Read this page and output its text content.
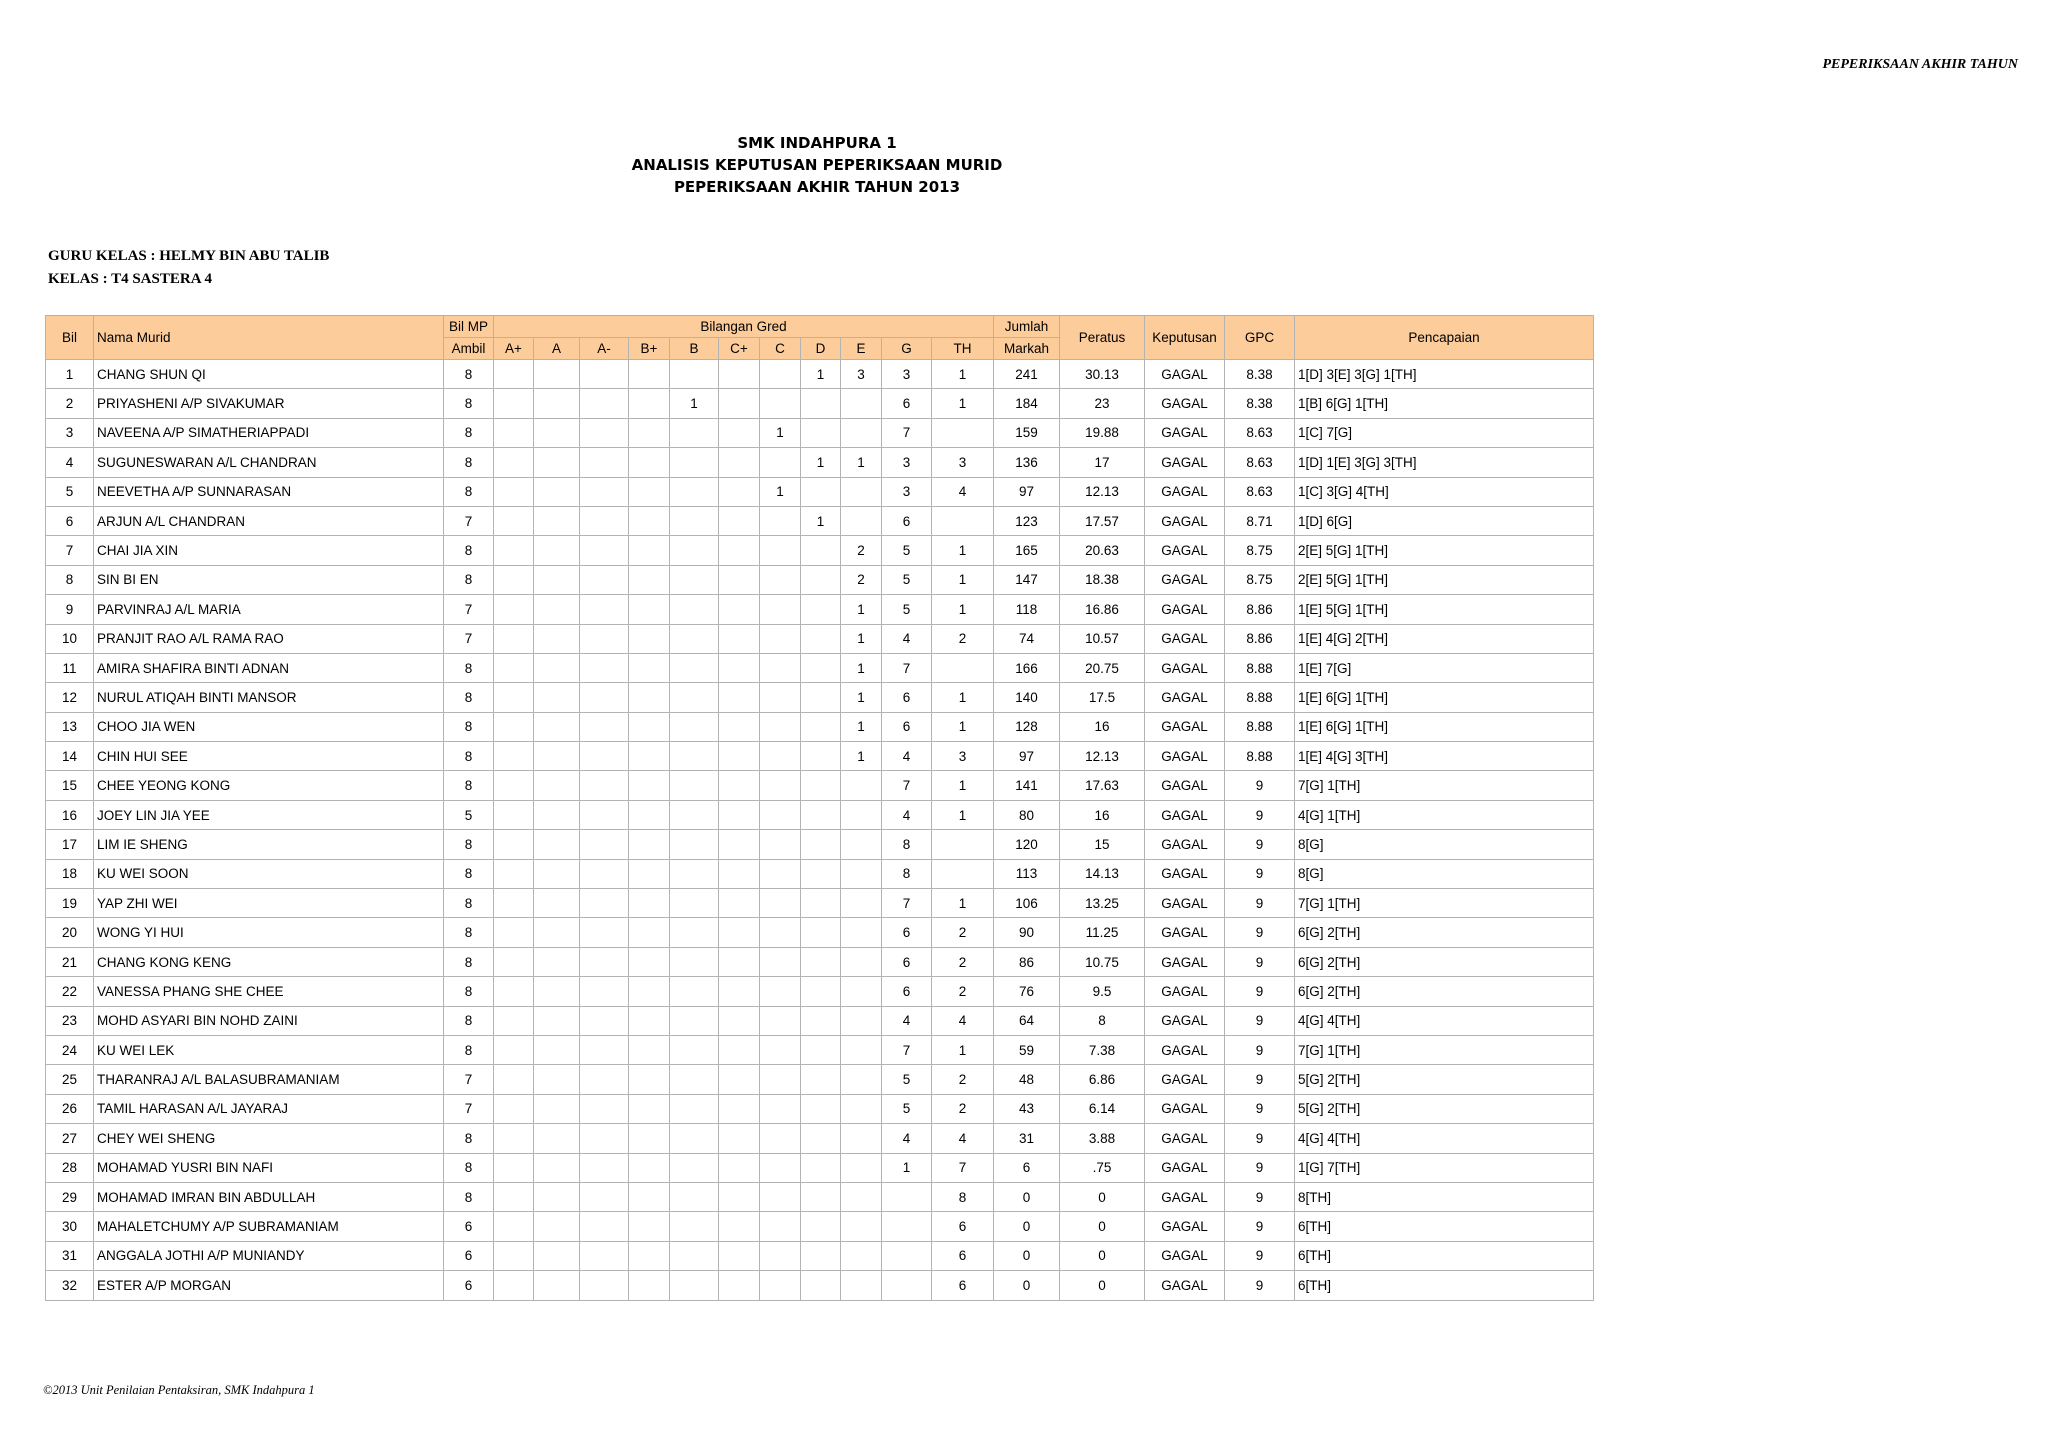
PEPERIKSAAN AKHIR TAHUN
SMK INDAHPURA 1
ANALISIS KEPUTUSAN PEPERIKSAAN MURID
PEPERIKSAAN AKHIR TAHUN 2013
GURU KELAS : HELMY BIN ABU TALIB
KELAS : T4 SASTERA 4
Bil	Nama Murid	Bil MP	Bilangan Gred											Jumlah	Peratus	Keputusan	GPC	Pencapaian
		Ambil	A+	A	A-	B+	B	C+	C	D	E	G	TH	Markah				
1	CHANG SHUN QI	8								1	3	3	1	241	30.13	GAGAL	8.38	1[D] 3[E] 3[G] 1[TH]
2	PRIYASHENI A/P SIVAKUMAR	8					1					6	1	184	23	GAGAL	8.38	1[B] 6[G] 1[TH]
3	NAVEENA A/P SIMATHERIAPPADI	8							1			7		159	19.88	GAGAL	8.63	1[C] 7[G]
4	SUGUNESWARAN A/L CHANDRAN	8								1	1	3	3	136	17	GAGAL	8.63	1[D] 1[E] 3[G] 3[TH]
5	NEEVETHA A/P SUNNARASAN	8							1			3	4	97	12.13	GAGAL	8.63	1[C] 3[G] 4[TH]
6	ARJUN A/L CHANDRAN	7								1		6		123	17.57	GAGAL	8.71	1[D] 6[G]
7	CHAI JIA XIN	8									2	5	1	165	20.63	GAGAL	8.75	2[E] 5[G] 1[TH]
8	SIN BI EN	8									2	5	1	147	18.38	GAGAL	8.75	2[E] 5[G] 1[TH]
9	PARVINRAJ A/L MARIA	7									1	5	1	118	16.86	GAGAL	8.86	1[E] 5[G] 1[TH]
10	PRANJIT RAO A/L RAMA RAO	7									1	4	2	74	10.57	GAGAL	8.86	1[E] 4[G] 2[TH]
11	AMIRA SHAFIRA BINTI ADNAN	8									1	7		166	20.75	GAGAL	8.88	1[E] 7[G]
12	NURUL ATIQAH BINTI MANSOR	8									1	6	1	140	17.5	GAGAL	8.88	1[E] 6[G] 1[TH]
13	CHOO JIA WEN	8									1	6	1	128	16	GAGAL	8.88	1[E] 6[G] 1[TH]
14	CHIN HUI SEE	8									1	4	3	97	12.13	GAGAL	8.88	1[E] 4[G] 3[TH]
15	CHEE YEONG KONG	8										7	1	141	17.63	GAGAL	9	7[G] 1[TH]
16	JOEY LIN JIA YEE	5										4	1	80	16	GAGAL	9	4[G] 1[TH]
17	LIM IE SHENG	8										8		120	15	GAGAL	9	8[G]
18	KU WEI SOON	8										8		113	14.13	GAGAL	9	8[G]
19	YAP ZHI WEI	8										7	1	106	13.25	GAGAL	9	7[G] 1[TH]
20	WONG YI HUI	8										6	2	90	11.25	GAGAL	9	6[G] 2[TH]
21	CHANG KONG KENG	8										6	2	86	10.75	GAGAL	9	6[G] 2[TH]
22	VANESSA PHANG SHE CHEE	8										6	2	76	9.5	GAGAL	9	6[G] 2[TH]
23	MOHD ASYARI BIN NOHD ZAINI	8										4	4	64	8	GAGAL	9	4[G] 4[TH]
24	KU WEI LEK	8										7	1	59	7.38	GAGAL	9	7[G] 1[TH]
25	THARANRAJ A/L BALASUBRAMANIAM	7										5	2	48	6.86	GAGAL	9	5[G] 2[TH]
26	TAMIL HARASAN A/L JAYARAJ	7										5	2	43	6.14	GAGAL	9	5[G] 2[TH]
27	CHEY WEI SHENG	8										4	4	31	3.88	GAGAL	9	4[G] 4[TH]
28	MOHAMAD YUSRI BIN NAFI	8										1	7	6	.75	GAGAL	9	1[G] 7[TH]
29	MOHAMAD IMRAN BIN ABDULLAH	8											8	0	0	GAGAL	9	8[TH]
30	MAHALETCHUMY A/P SUBRAMANIAM	6											6	0	0	GAGAL	9	6[TH]
31	ANGGALA JOTHI A/P MUNIANDY	6											6	0	0	GAGAL	9	6[TH]
32	ESTER A/P MORGAN	6											6	0	0	GAGAL	9	6[TH]
©2013 Unit Penilaian Pentaksiran, SMK Indahpura 1
